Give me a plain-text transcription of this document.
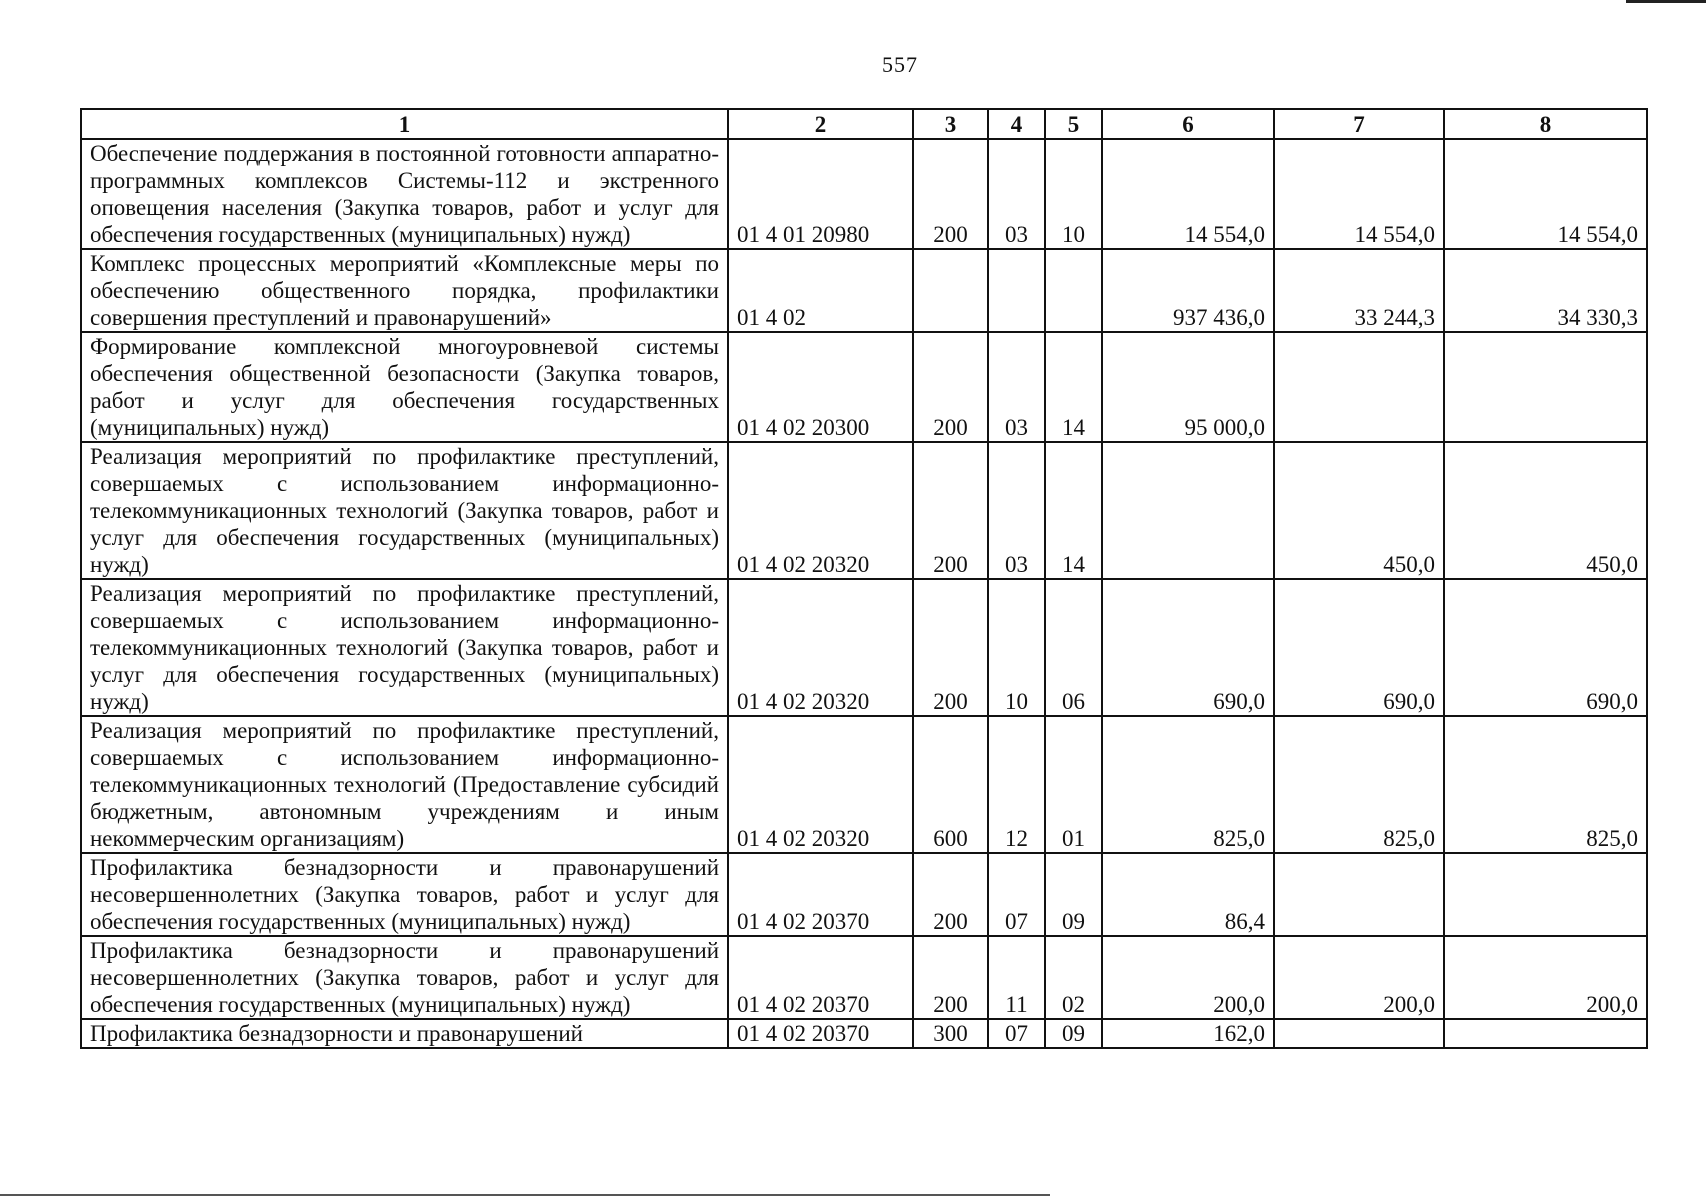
557
1	2	3	4	5	6	7	8
Обеспечение поддержания в постоянной готовности аппаратно-программных комплексов Системы-112 и экстренного оповещения населения (Закупка товаров, работ и услуг для обеспечения государственных (муниципальных) нужд)	01 4 01 20980	200	03	10	14 554,0	14 554,0	14 554,0
Комплекс процессных мероприятий «Комплексные меры по обеспечению общественного порядка, профилактики совершения преступлений и правонарушений»	01 4 02				937 436,0	33 244,3	34 330,3
Формирование комплексной многоуровневой системы обеспечения общественной безопасности (Закупка товаров, работ и услуг для обеспечения государственных (муниципальных) нужд)	01 4 02 20300	200	03	14	95 000,0		
Реализация мероприятий по профилактике преступлений, совершаемых с использованием информационно-телекоммуникационных технологий (Закупка товаров, работ и услуг для обеспечения государственных (муниципальных) нужд)	01 4 02 20320	200	03	14		450,0	450,0
Реализация мероприятий по профилактике преступлений, совершаемых с использованием информационно-телекоммуникационных технологий (Закупка товаров, работ и услуг для обеспечения государственных (муниципальных) нужд)	01 4 02 20320	200	10	06	690,0	690,0	690,0
Реализация мероприятий по профилактике преступлений, совершаемых с использованием информационно-телекоммуникационных технологий (Предоставление субсидий бюджетным, автономным учреждениям и иным некоммерческим организациям)	01 4 02 20320	600	12	01	825,0	825,0	825,0
Профилактика безнадзорности и правонарушений несовершеннолетних (Закупка товаров, работ и услуг для обеспечения государственных (муниципальных) нужд)	01 4 02 20370	200	07	09	86,4		
Профилактика безнадзорности и правонарушений несовершеннолетних (Закупка товаров, работ и услуг для обеспечения государственных (муниципальных) нужд)	01 4 02 20370	200	11	02	200,0	200,0	200,0
Профилактика безнадзорности и правонарушений	01 4 02 20370	300	07	09	162,0		
